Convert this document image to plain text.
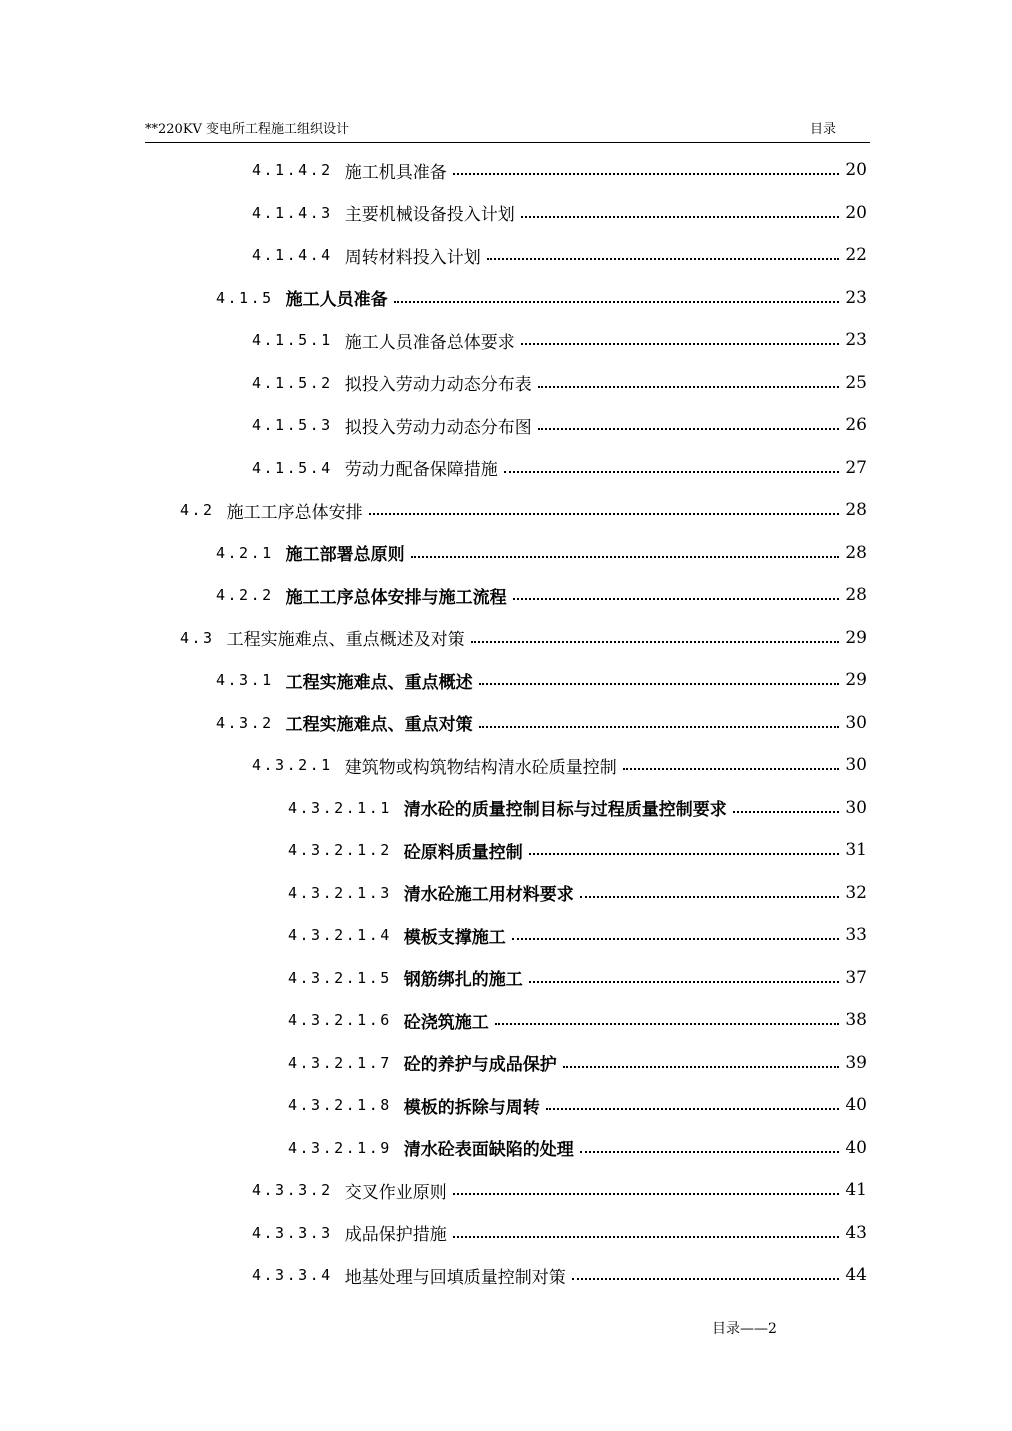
**220KV 变电所工程施工组织设计	目录
4.1.4.2 施工机具准备	20
4.1.4.3 主要机械设备投入计划	20
4.1.4.4 周转材料投入计划	22
4.1.5 施工人员准备	23
4.1.5.1 施工人员准备总体要求	23
4.1.5.2 拟投入劳动力动态分布表	25
4.1.5.3 拟投入劳动力动态分布图	26
4.1.5.4 劳动力配备保障措施	27
4.2 施工工序总体安排	28
4.2.1 施工部署总原则	28
4.2.2 施工工序总体安排与施工流程	28
4.3 工程实施难点、重点概述及对策	29
4.3.1 工程实施难点、重点概述	29
4.3.2 工程实施难点、重点对策	30
4.3.2.1 建筑物或构筑物结构清水砼质量控制	30
4.3.2.1.1 清水砼的质量控制目标与过程质量控制要求	30
4.3.2.1.2 砼原料质量控制	31
4.3.2.1.3 清水砼施工用材料要求	32
4.3.2.1.4 模板支撑施工	33
4.3.2.1.5 钢筋绑扎的施工	37
4.3.2.1.6 砼浇筑施工	38
4.3.2.1.7 砼的养护与成品保护	39
4.3.2.1.8 模板的拆除与周转	40
4.3.2.1.9 清水砼表面缺陷的处理	40
4.3.3.2 交叉作业原则	41
4.3.3.3 成品保护措施	43
4.3.3.4 地基处理与回填质量控制对策	44
目录——2
